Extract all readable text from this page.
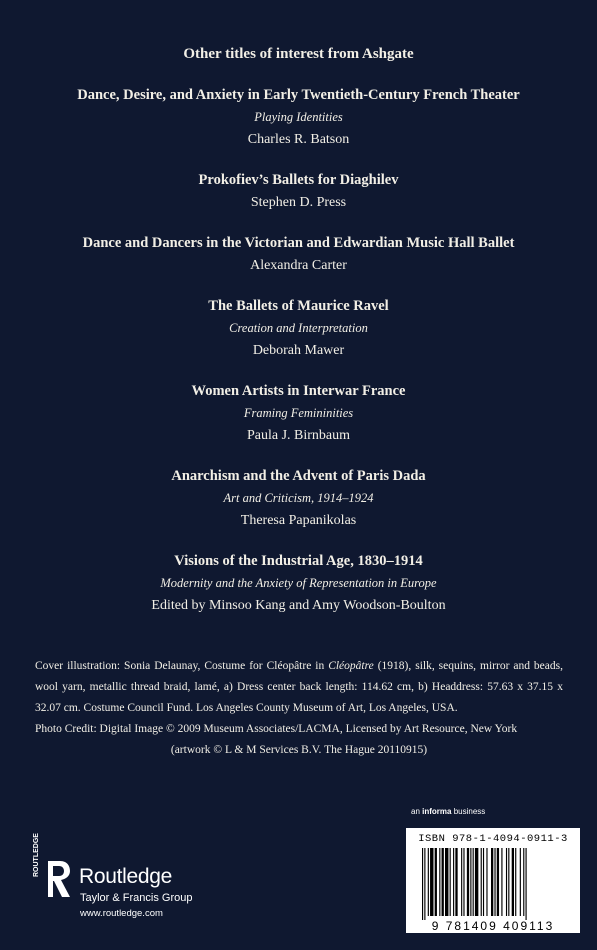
Other titles of interest from Ashgate
Dance, Desire, and Anxiety in Early Twentieth-Century French Theater
Playing Identities
Charles R. Batson
Prokofiev’s Ballets for Diaghilev
Stephen D. Press
Dance and Dancers in the Victorian and Edwardian Music Hall Ballet
Alexandra Carter
The Ballets of Maurice Ravel
Creation and Interpretation
Deborah Mawer
Women Artists in Interwar France
Framing Femininities
Paula J. Birnbaum
Anarchism and the Advent of Paris Dada
Art and Criticism, 1914–1924
Theresa Papanikolas
Visions of the Industrial Age, 1830–1914
Modernity and the Anxiety of Representation in Europe
Edited by Minsoo Kang and Amy Woodson-Boulton

Cover illustration: Sonia Delaunay, Costume for Cléopâtre in Cléopâtre (1918), silk, sequins, mirror and beads, wool yarn, metallic thread braid, lamé, a) Dress center back length: 114.62 cm, b) Headdress: 57.63 x 37.15 x 32.07 cm. Costume Council Fund. Los Angeles County Museum of Art, Los Angeles, USA.

Photo Credit: Digital Image © 2009 Museum Associates/LACMA, Licensed by Art Resource, New York

(artwork © L & M Services B.V. The Hague 20110915)

an informa business
ISBN 978-1-4094-0911-3
9 781409 409113
ROUTLEDGE Routledge
Taylor & Francis Group
www.routledge.com
